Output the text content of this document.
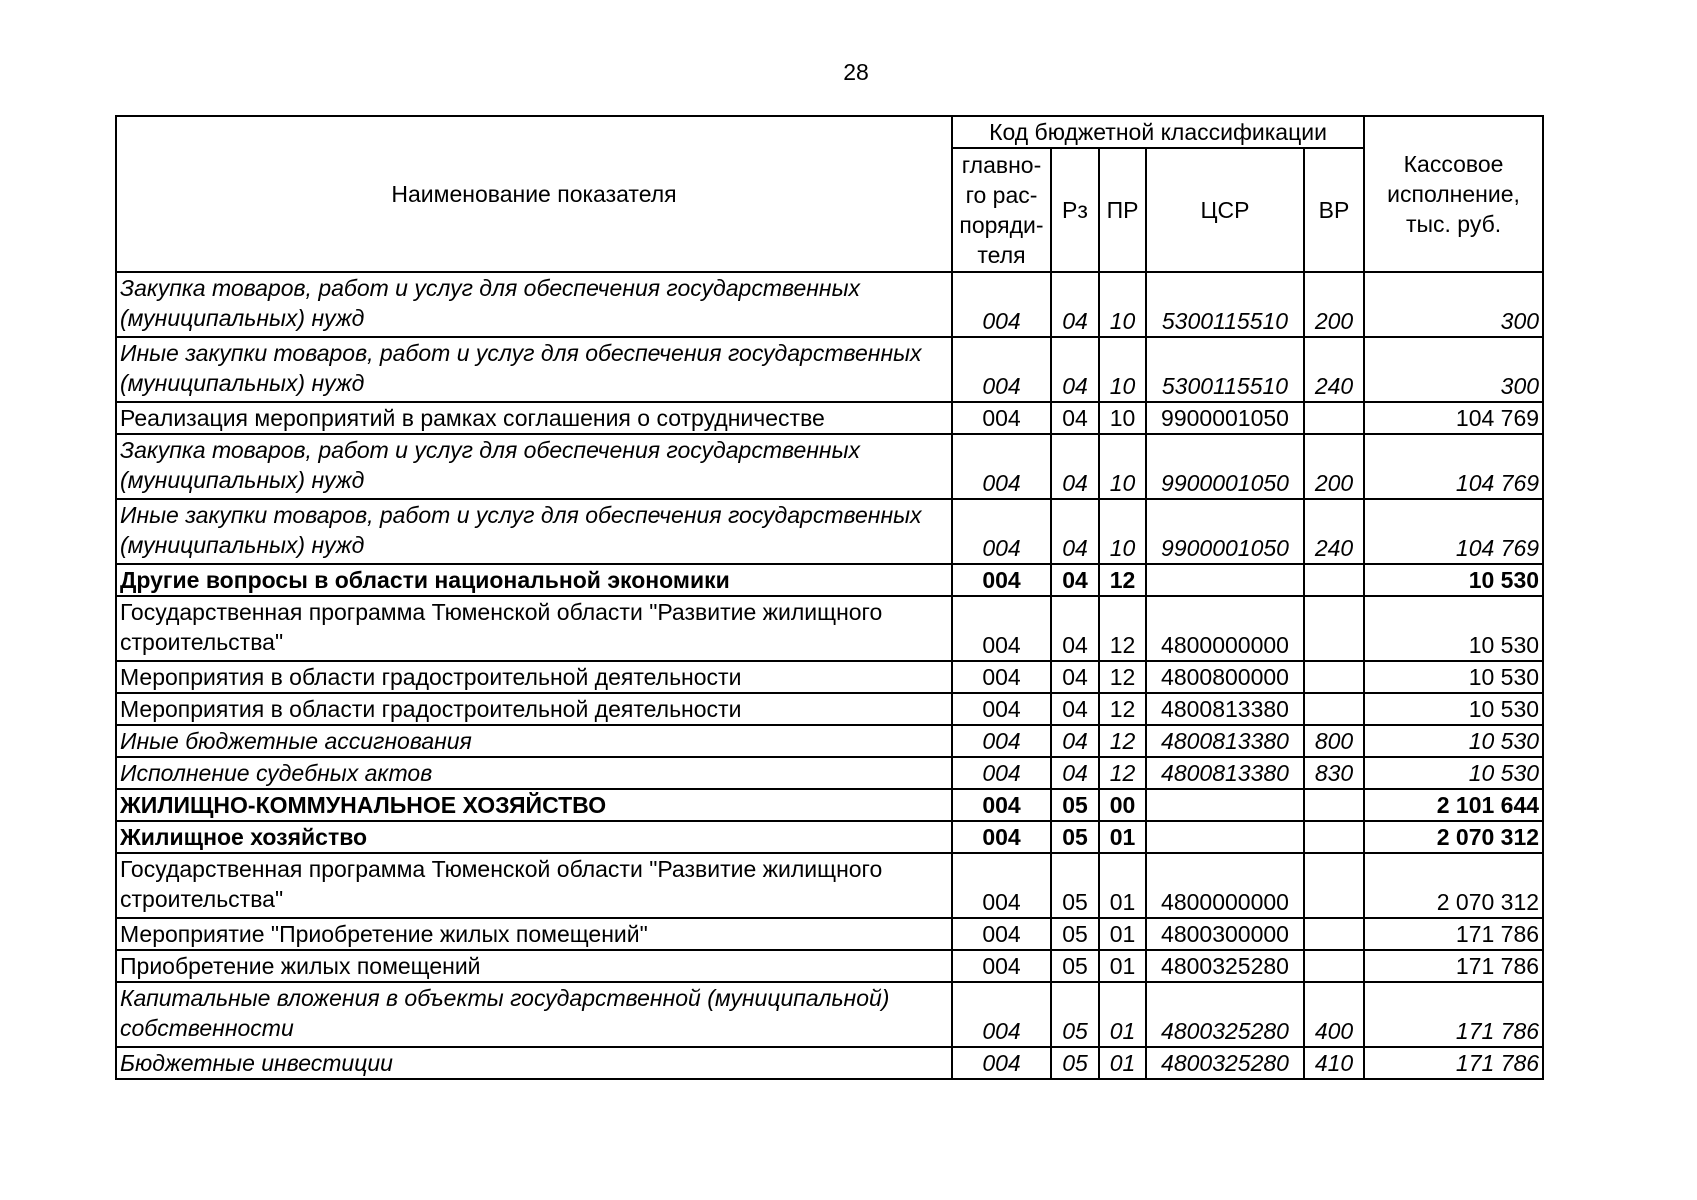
28
Наименование показателя	Код бюджетной классификации					Кассовое исполнение, тыс. руб.
	главно-го рас-поряди-теля	Рз	ПР	ЦСР	ВР	
Закупка товаров, работ и услуг для обеспечения государственных (муниципальных) нужд	004	04	10	5300115510	200	300
Иные закупки товаров, работ и услуг для обеспечения государственных (муниципальных) нужд	004	04	10	5300115510	240	300
Реализация мероприятий в рамках соглашения о сотрудничестве	004	04	10	9900001050		104 769
Закупка товаров, работ и услуг для обеспечения государственных (муниципальных) нужд	004	04	10	9900001050	200	104 769
Иные закупки товаров, работ и услуг для обеспечения государственных (муниципальных) нужд	004	04	10	9900001050	240	104 769
Другие вопросы в области национальной экономики	004	04	12			10 530
Государственная программа Тюменской области "Развитие жилищного строительства"	004	04	12	4800000000		10 530
Мероприятия в области градостроительной деятельности	004	04	12	4800800000		10 530
Мероприятия в области градостроительной деятельности	004	04	12	4800813380		10 530
Иные бюджетные ассигнования	004	04	12	4800813380	800	10 530
Исполнение судебных актов	004	04	12	4800813380	830	10 530
ЖИЛИЩНО-КОММУНАЛЬНОЕ ХОЗЯЙСТВО	004	05	00			2 101 644
Жилищное хозяйство	004	05	01			2 070 312
Государственная программа Тюменской области "Развитие жилищного строительства"	004	05	01	4800000000		2 070 312
Мероприятие "Приобретение жилых помещений"	004	05	01	4800300000		171 786
Приобретение жилых помещений	004	05	01	4800325280		171 786
Капитальные вложения в объекты государственной (муниципальной) собственности	004	05	01	4800325280	400	171 786
Бюджетные инвестиции	004	05	01	4800325280	410	171 786
